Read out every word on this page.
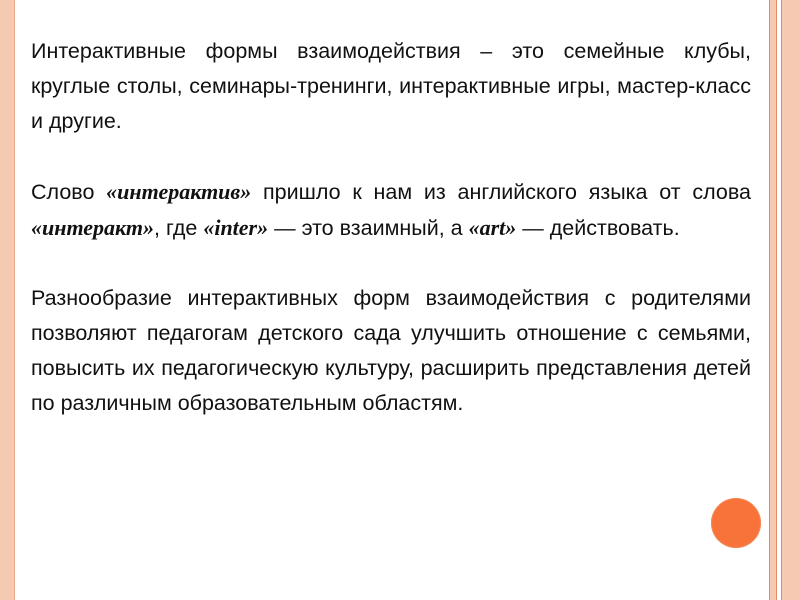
Интерактивные формы взаимодействия – это семейные клубы, круглые столы, семинары-тренинги, интерактивные игры, мастер-класс и другие.

Слово «интерактив» пришло к нам из английского языка от слова «интеракт», где «inter» — это взаимный, а «art» — действовать.

Разнообразие интерактивных форм взаимодействия с родителями позволяют педагогам детского сада улучшить отношение с семьями, повысить их педагогическую культуру, расширить представления детей по различным образовательным областям.
